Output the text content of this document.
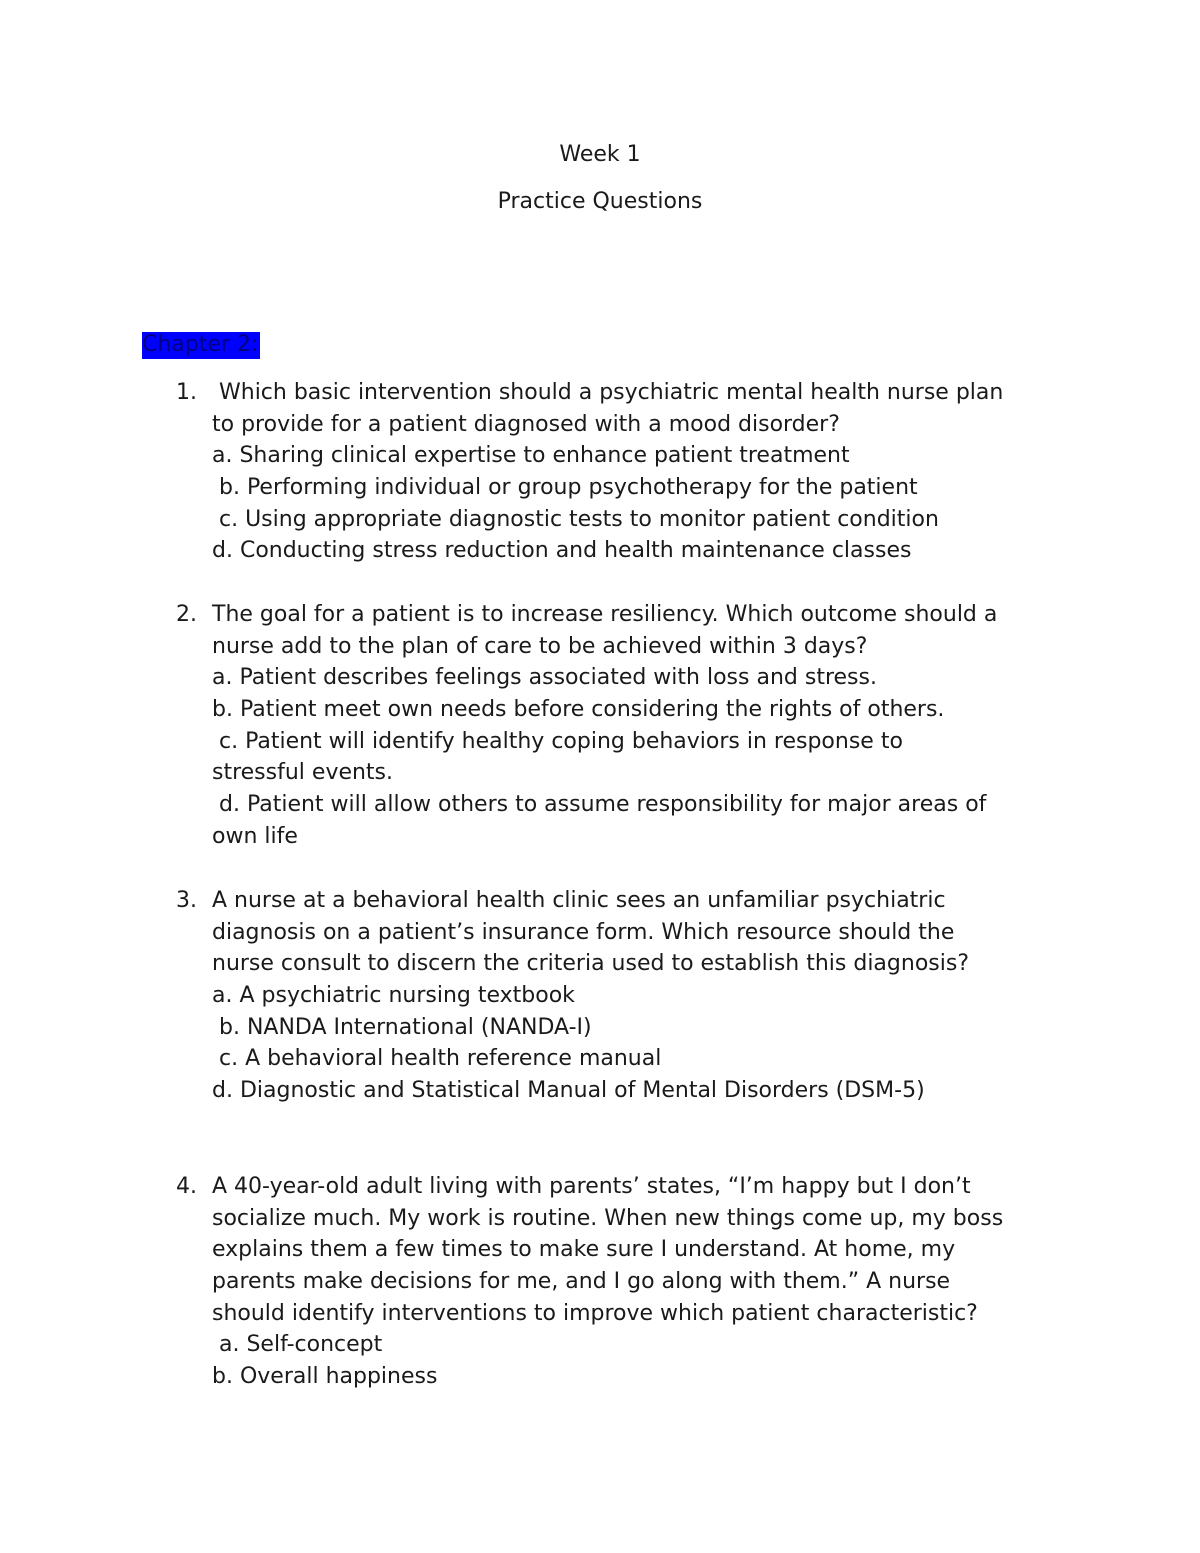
Week 1
Practice Questions
Chapter 2:
1. Which basic intervention should a psychiatric mental health nurse plan
to provide for a patient diagnosed with a mood disorder?
a. Sharing clinical expertise to enhance patient treatment
b. Performing individual or group psychotherapy for the patient
c. Using appropriate diagnostic tests to monitor patient condition
d. Conducting stress reduction and health maintenance classes
2. The goal for a patient is to increase resiliency. Which outcome should a
nurse add to the plan of care to be achieved within 3 days?
a. Patient describes feelings associated with loss and stress.
b. Patient meet own needs before considering the rights of others.
c. Patient will identify healthy coping behaviors in response to
stressful events.
d. Patient will allow others to assume responsibility for major areas of
own life
3. A nurse at a behavioral health clinic sees an unfamiliar psychiatric
diagnosis on a patient’s insurance form. Which resource should the
nurse consult to discern the criteria used to establish this diagnosis?
a. A psychiatric nursing textbook
b. NANDA International (NANDA-I)
c. A behavioral health reference manual
d. Diagnostic and Statistical Manual of Mental Disorders (DSM-5)
4. A 40-year-old adult living with parents’ states, “I’m happy but I don’t
socialize much. My work is routine. When new things come up, my boss
explains them a few times to make sure I understand. At home, my
parents make decisions for me, and I go along with them.” A nurse
should identify interventions to improve which patient characteristic?
a. Self-concept
b. Overall happiness
